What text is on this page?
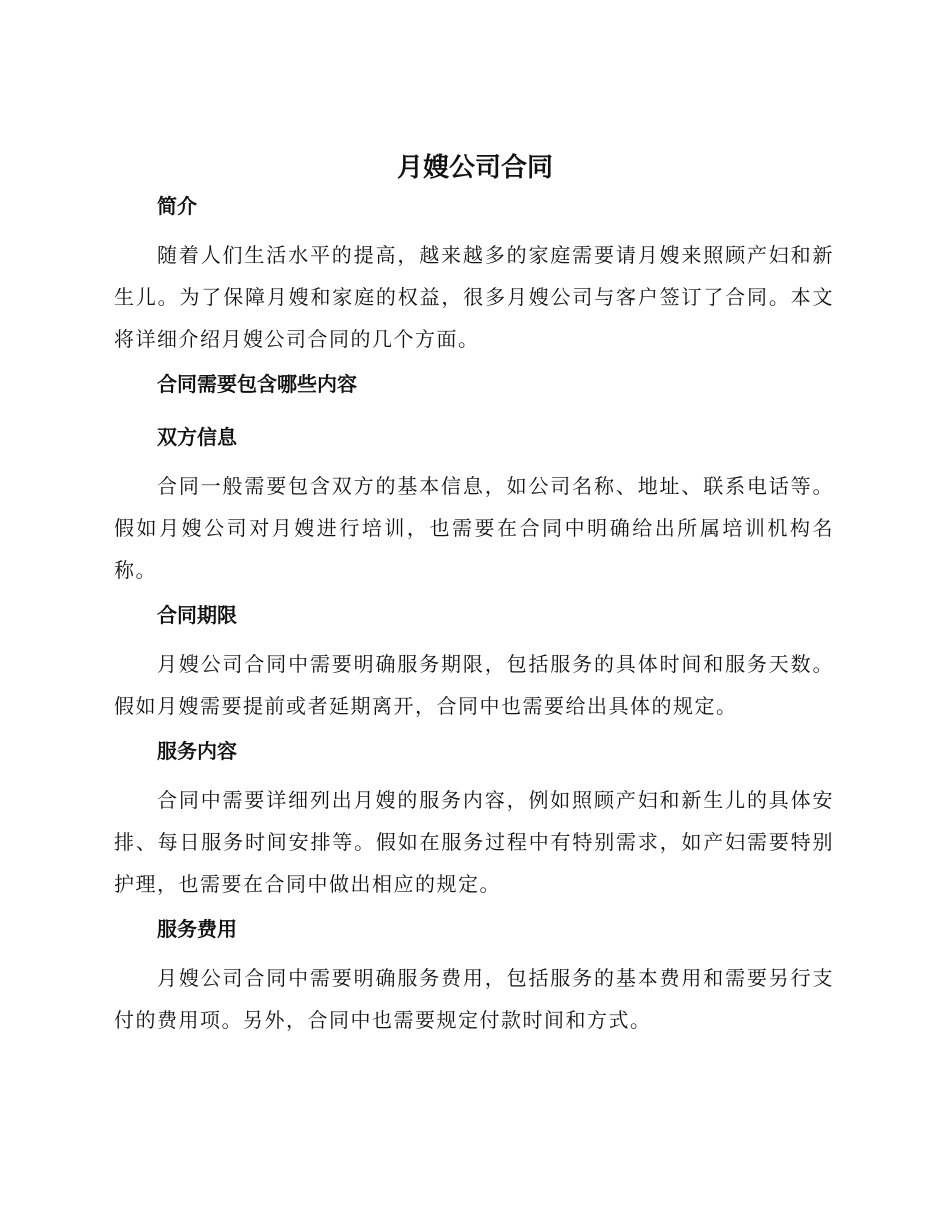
月嫂公司合同
简介

随着人们生活水平的提高，越来越多的家庭需要请月嫂来照顾产妇和新生儿。为了保障月嫂和家庭的权益，很多月嫂公司与客户签订了合同。本文将详细介绍月嫂公司合同的几个方面。

合同需要包含哪些内容
双方信息

合同一般需要包含双方的基本信息，如公司名称、地址、联系电话等。假如月嫂公司对月嫂进行培训，也需要在合同中明确给出所属培训机构名称。

合同期限

月嫂公司合同中需要明确服务期限，包括服务的具体时间和服务天数。假如月嫂需要提前或者延期离开，合同中也需要给出具体的规定。

服务内容

合同中需要详细列出月嫂的服务内容，例如照顾产妇和新生儿的具体安排、每日服务时间安排等。假如在服务过程中有特别需求，如产妇需要特别护理，也需要在合同中做出相应的规定。

服务费用

月嫂公司合同中需要明确服务费用，包括服务的基本费用和需要另行支付的费用项。另外，合同中也需要规定付款时间和方式。
